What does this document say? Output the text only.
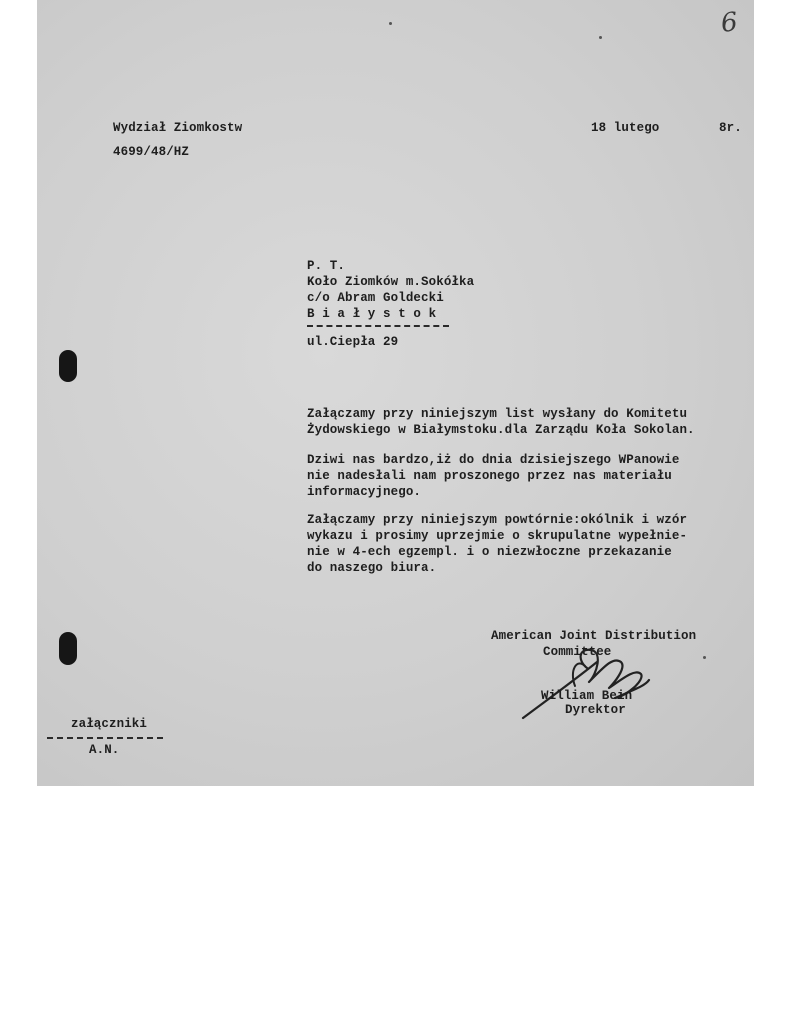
6
Wydział Ziomkostw
4699/48/HZ
18 lutego	8r.
P. T.
Koło Ziomków m.Sokółka
c/o Abram Goldecki
B i a ł y s t o k
ul.Ciepła 29
Załączamy przy niniejszym list wysłany do Komitetu
Żydowskiego w Białymstoku.dla Zarządu Koła Sokolan.
Dziwi nas bardzo,iż do dnia dzisiejszego WPanowie
nie nadesłali nam proszonego przez nas materiału
informacyjnego.
Załączamy przy niniejszym powtórnie:okólnik i wzór
wykazu i prosimy uprzejmie o skrupulatne wypełnie-
nie w 4-ech egzempl. i o niezwłoczne przekazanie
do naszego biura.
American Joint Distribution
Committee
William Bein
Dyrektor
załączniki
A.N.
